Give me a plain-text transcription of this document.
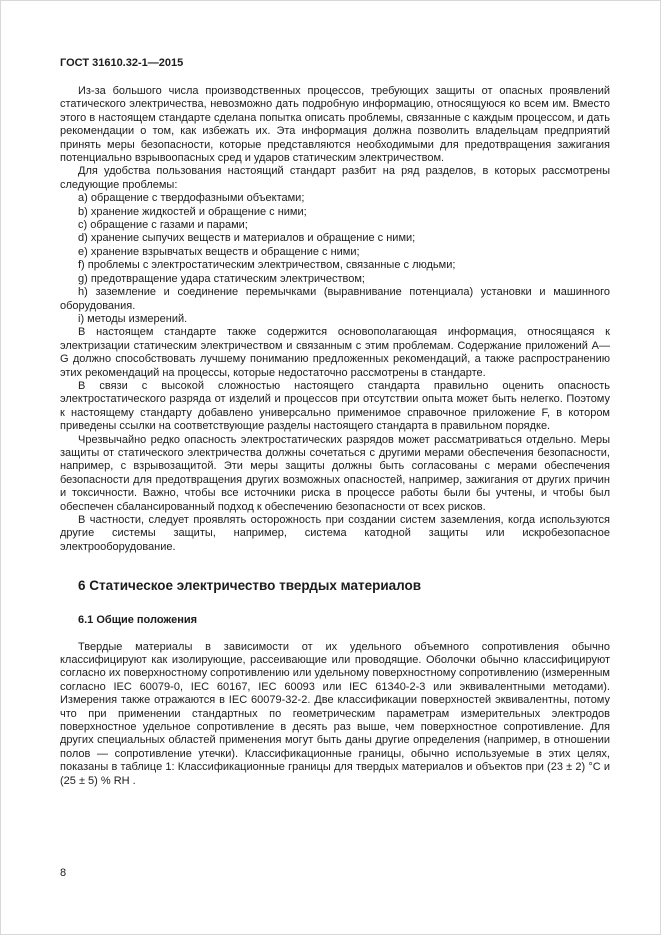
ГОСТ 31610.32-1—2015

Из-за большого числа производственных процессов, требующих защиты от опасных проявлений статического электричества, невозможно дать подробную информацию, относящуюся ко всем им. Вместо этого в настоящем стандарте сделана попытка описать проблемы, связанные с каждым процессом, и дать рекомендации о том, как избежать их. Эта информация должна позволить владельцам предприятий принять меры безопасности, которые представляются необходимыми для предотвращения зажигания потенциально взрывоопасных сред и ударов статическим электричеством.

Для удобства пользования настоящий стандарт разбит на ряд разделов, в которых рассмотрены следующие проблемы:

a) обращение с твердофазными объектами;

b) хранение жидкостей и обращение с ними;

c) обращение с газами и парами;

d) хранение сыпучих веществ и материалов и обращение с ними;

e) хранение взрывчатых веществ и обращение с ними;

f) проблемы с электростатическим электричеством, связанные с людьми;

g) предотвращение удара статическим электричеством;

h) заземление и соединение перемычками (выравнивание потенциала) установки и машинного оборудования.

i) методы измерений.

В настоящем стандарте также содержится основополагающая информация, относящаяся к электризации статическим электричеством и связанным с этим проблемам. Содержание приложений A—G должно способствовать лучшему пониманию предложенных рекомендаций, а также распространению этих рекомендаций на процессы, которые недостаточно рассмотрены в стандарте.

В связи с высокой сложностью настоящего стандарта правильно оценить опасность электростатического разряда от изделий и процессов при отсутствии опыта может быть нелегко. Поэтому к настоящему стандарту добавлено универсально применимое справочное приложение F, в котором приведены ссылки на соответствующие разделы настоящего стандарта в правильном порядке.

Чрезвычайно редко опасность электростатических разрядов может рассматриваться отдельно. Меры защиты от статического электричества должны сочетаться с другими мерами обеспечения безопасности, например, с взрывозащитой. Эти меры защиты должны быть согласованы с мерами обеспечения безопасности для предотвращения других возможных опасностей, например, зажигания от других причин и токсичности. Важно, чтобы все источники риска в процессе работы были бы учтены, и чтобы был обеспечен сбалансированный подход к обеспечению безопасности от всех рисков.

В частности, следует проявлять осторожность при создании систем заземления, когда используются другие системы защиты, например, система катодной защиты или искробезопасное электрооборудование.

6 Статическое электричество твердых материалов
6.1 Общие положения

Твердые материалы в зависимости от их удельного объемного сопротивления обычно классифицируют как изолирующие, рассеивающие или проводящие. Оболочки обычно классифицируют согласно их поверхностному сопротивлению или удельному поверхностному сопротивлению (измеренным согласно IEC 60079-0, IEC 60167, IEC 60093 или IEC 61340-2-3 или эквивалентными методами). Измерения также отражаются в IEC 60079-32-2. Две классификации поверхностей эквивалентны, потому что при применении стандартных по геометрическим параметрам измерительных электродов поверхностное удельное сопротивление в десять раз выше, чем поверхностное сопротивление. Для других специальных областей применения могут быть даны другие определения (например, в отношении полов — сопротивление утечки). Классификационные границы, обычно используемые в этих целях, показаны в таблице 1: Классификационные границы для твердых материалов и объектов при (23 ± 2) °C и (25 ± 5) % RH .

8
